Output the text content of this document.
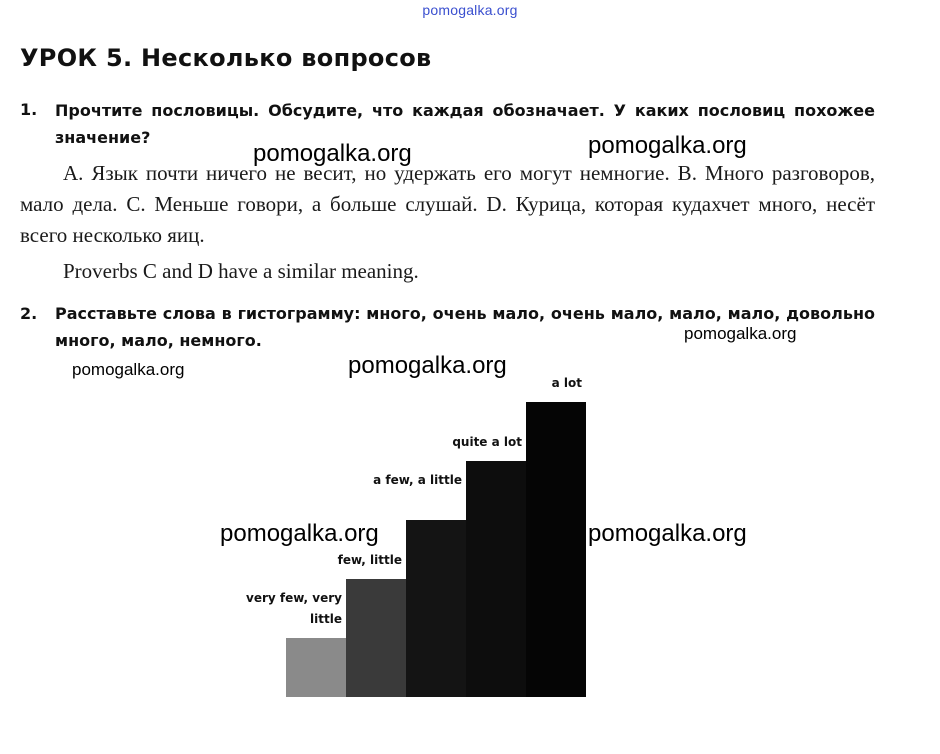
pomogalka.org
УРОК 5. Несколько вопросов
1. Прочтите пословицы. Обсудите, что каждая обозначает. У каких пословиц похожее значение?
А. Язык почти ничего не весит, но удержать его могут немногие. В. Много разговоров, мало дела. С. Меньше говори, а больше слушай. D. Курица, которая кудахчет много, несёт всего несколько яиц.
Proverbs C and D have a similar meaning.
2. Расставьте слова в гистограмму: много, очень мало, очень мало, мало, мало, довольно много, мало, немного.
very few, very little
few, little
a few, a little
quite a lot
a lot
pomogalka.org	pomogalka.org
pomogalka.org
pomogalka.org	pomogalka.org
pomogalka.org	pomogalka.org
